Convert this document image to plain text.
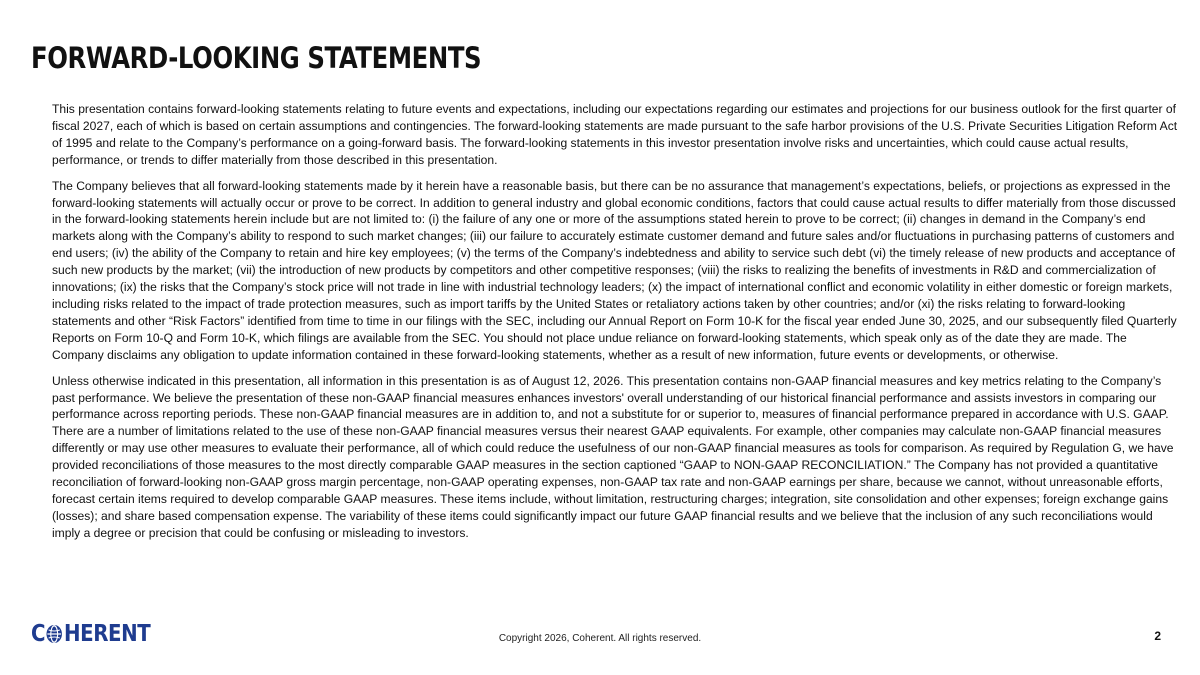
FORWARD-LOOKING STATEMENTS

This presentation contains forward-looking statements relating to future events and expectations, including our expectations regarding our estimates and projections for our business outlook for the first quarter of fiscal 2027, each of which is based on certain assumptions and contingencies. The forward-looking statements are made pursuant to the safe harbor provisions of the U.S. Private Securities Litigation Reform Act of 1995 and relate to the Company’s performance on a going-forward basis. The forward-looking statements in this investor presentation involve risks and uncertainties, which could cause actual results, performance, or trends to differ materially from those described in this presentation.

The Company believes that all forward-looking statements made by it herein have a reasonable basis, but there can be no assurance that management’s expectations, beliefs, or projections as expressed in the forward-looking statements will actually occur or prove to be correct. In addition to general industry and global economic conditions, factors that could cause actual results to differ materially from those discussed in the forward-looking statements herein include but are not limited to: (i) the failure of any one or more of the assumptions stated herein to prove to be correct; (ii) changes in demand in the Company’s end markets along with the Company’s ability to respond to such market changes; (iii) our failure to accurately estimate customer demand and future sales and/or fluctuations in purchasing patterns of customers and end users; (iv) the ability of the Company to retain and hire key employees; (v) the terms of the Company’s indebtedness and ability to service such debt (vi) the timely release of new products and acceptance of such new products by the market; (vii) the introduction of new products by competitors and other competitive responses; (viii) the risks to realizing the benefits of investments in R&D and commercialization of innovations; (ix) the risks that the Company’s stock price will not trade in line with industrial technology leaders; (x) the impact of international conflict and economic volatility in either domestic or foreign markets, including risks related to the impact of trade protection measures, such as import tariffs by the United States or retaliatory actions taken by other countries; and/or (xi) the risks relating to forward-looking statements and other “Risk Factors” identified from time to time in our filings with the SEC, including our Annual Report on Form 10-K for the fiscal year ended June 30, 2025, and our subsequently filed Quarterly Reports on Form 10-Q and Form 10-K, which filings are available from the SEC. You should not place undue reliance on forward-looking statements, which speak only as of the date they are made. The Company disclaims any obligation to update information contained in these forward-looking statements, whether as a result of new information, future events or developments, or otherwise.

Unless otherwise indicated in this presentation, all information in this presentation is as of August 12, 2026. This presentation contains non-GAAP financial measures and key metrics relating to the Company’s past performance. We believe the presentation of these non-GAAP financial measures enhances investors' overall understanding of our historical financial performance and assists investors in comparing our performance across reporting periods. These non-GAAP financial measures are in addition to, and not a substitute for or superior to, measures of financial performance prepared in accordance with U.S. GAAP. There are a number of limitations related to the use of these non-GAAP financial measures versus their nearest GAAP equivalents. For example, other companies may calculate non-GAAP financial measures differently or may use other measures to evaluate their performance, all of which could reduce the usefulness of our non-GAAP financial measures as tools for comparison. As required by Regulation G, we have provided reconciliations of those measures to the most directly comparable GAAP measures in the section captioned “GAAP to NON-GAAP RECONCILIATION.” The Company has not provided a quantitative reconciliation of forward-looking non-GAAP gross margin percentage, non-GAAP operating expenses, non-GAAP tax rate and non-GAAP earnings per share, because we cannot, without unreasonable efforts, forecast certain items required to develop comparable GAAP measures. These items include, without limitation, restructuring charges; integration, site consolidation and other expenses; foreign exchange gains (losses); and share based compensation expense. The variability of these items could significantly impact our future GAAP financial results and we believe that the inclusion of any such reconciliations would imply a degree or precision that could be confusing or misleading to investors.

C HERENT	Copyright 2026, Coherent. All rights reserved.	2
